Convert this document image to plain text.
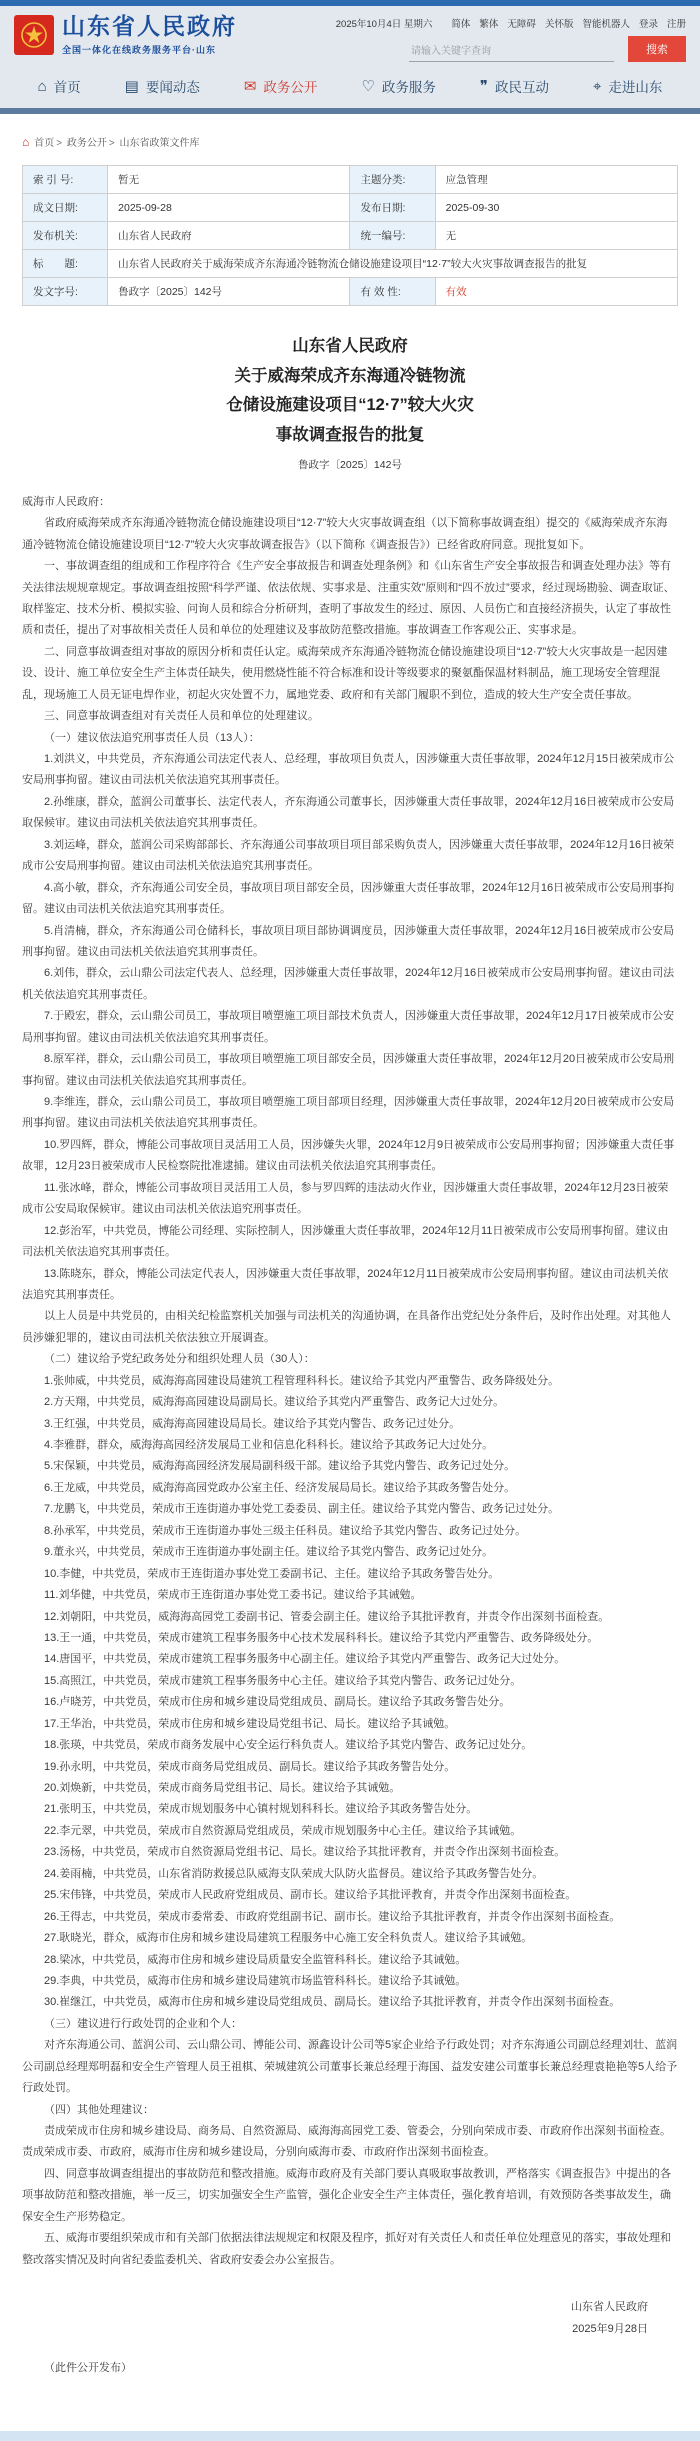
山东省人民政府
全国一体化在线政务服务平台·山东
2025年10月4日 星期六	简体 繁体 无障碍 关怀版 智能机器人 登录 注册
请输入关键字查询
搜索
⌂ 首页	▤ 要闻动态	✉ 政务公开	♡ 政务服务	❞ 政民互动	⌖ 走进山东
⌂ 首页 > 政务公开 > 山东省政策文件库
索 引 号:	暂无	主题分类:	应急管理
成文日期:	2025-09-28	发布日期:	2025-09-30
发布机关:	山东省人民政府	统一编号:	无
标　　题:	山东省人民政府关于威海荣成齐东海通冷链物流仓储设施建设项目“12·7”较大火灾事故调查报告的批复		
发文字号:	鲁政字〔2025〕142号	有 效 性:	有效
山东省人民政府
关于威海荣成齐东海通冷链物流
仓储设施建设项目“12·7”较大火灾
事故调查报告的批复
鲁政字〔2025〕142号

威海市人民政府：

省政府威海荣成齐东海通冷链物流仓储设施建设项目“12·7”较大火灾事故调查组（以下简称事故调查组）提交的《威海荣成齐东海通冷链物流仓储设施建设项目“12·7”较大火灾事故调查报告》（以下简称《调查报告》）已经省政府同意。现批复如下。

一、事故调查组的组成和工作程序符合《生产安全事故报告和调查处理条例》和《山东省生产安全事故报告和调查处理办法》等有关法律法规规章规定。事故调查组按照“科学严谨、依法依规、实事求是、注重实效”原则和“四不放过”要求，经过现场勘验、调查取证、取样鉴定、技术分析、模拟实验、问询人员和综合分析研判，查明了事故发生的经过、原因、人员伤亡和直接经济损失，认定了事故性质和责任，提出了对事故相关责任人员和单位的处理建议及事故防范整改措施。事故调查工作客观公正、实事求是。

二、同意事故调查组对事故的原因分析和责任认定。威海荣成齐东海通冷链物流仓储设施建设项目“12·7”较大火灾事故是一起因建设、设计、施工单位安全生产主体责任缺失，使用燃烧性能不符合标准和设计等级要求的聚氨酯保温材料制品，施工现场安全管理混乱，现场施工人员无证电焊作业，初起火灾处置不力，属地党委、政府和有关部门履职不到位，造成的较大生产安全责任事故。

三、同意事故调查组对有关责任人员和单位的处理建议。

（一）建议依法追究刑事责任人员（13人）：

1.刘洪义，中共党员，齐东海通公司法定代表人、总经理，事故项目负责人，因涉嫌重大责任事故罪，2024年12月15日被荣成市公安局刑事拘留。建议由司法机关依法追究其刑事责任。

2.孙维康，群众，蓝润公司董事长、法定代表人，齐东海通公司董事长，因涉嫌重大责任事故罪，2024年12月16日被荣成市公安局取保候审。建议由司法机关依法追究其刑事责任。

3.刘运峰，群众，蓝润公司采购部部长、齐东海通公司事故项目项目部采购负责人，因涉嫌重大责任事故罪，2024年12月16日被荣成市公安局刑事拘留。建议由司法机关依法追究其刑事责任。

4.高小敏，群众，齐东海通公司安全员，事故项目项目部安全员，因涉嫌重大责任事故罪，2024年12月16日被荣成市公安局刑事拘留。建议由司法机关依法追究其刑事责任。

5.肖清楠，群众，齐东海通公司仓储科长，事故项目项目部协调调度员，因涉嫌重大责任事故罪，2024年12月16日被荣成市公安局刑事拘留。建议由司法机关依法追究其刑事责任。

6.刘伟，群众，云山鼎公司法定代表人、总经理，因涉嫌重大责任事故罪，2024年12月16日被荣成市公安局刑事拘留。建议由司法机关依法追究其刑事责任。

7.于殿宏，群众，云山鼎公司员工，事故项目喷塑施工项目部技术负责人，因涉嫌重大责任事故罪，2024年12月17日被荣成市公安局刑事拘留。建议由司法机关依法追究其刑事责任。

8.原军祥，群众，云山鼎公司员工，事故项目喷塑施工项目部安全员，因涉嫌重大责任事故罪，2024年12月20日被荣成市公安局刑事拘留。建议由司法机关依法追究其刑事责任。

9.李维连，群众，云山鼎公司员工，事故项目喷塑施工项目部项目经理，因涉嫌重大责任事故罪，2024年12月20日被荣成市公安局刑事拘留。建议由司法机关依法追究其刑事责任。

10.罗四辉，群众，博能公司事故项目灵活用工人员，因涉嫌失火罪，2024年12月9日被荣成市公安局刑事拘留；因涉嫌重大责任事故罪，12月23日被荣成市人民检察院批准逮捕。建议由司法机关依法追究其刑事责任。

11.张冰峰，群众，博能公司事故项目灵活用工人员，参与罗四辉的违法动火作业，因涉嫌重大责任事故罪，2024年12月23日被荣成市公安局取保候审。建议由司法机关依法追究刑事责任。

12.彭治军，中共党员，博能公司经理、实际控制人，因涉嫌重大责任事故罪，2024年12月11日被荣成市公安局刑事拘留。建议由司法机关依法追究其刑事责任。

13.陈晓东，群众，博能公司法定代表人，因涉嫌重大责任事故罪，2024年12月11日被荣成市公安局刑事拘留。建议由司法机关依法追究其刑事责任。

以上人员是中共党员的，由相关纪检监察机关加强与司法机关的沟通协调，在具备作出党纪处分条件后，及时作出处理。对其他人员涉嫌犯罪的，建议由司法机关依法独立开展调查。

（二）建议给予党纪政务处分和组织处理人员（30人）：

1.张帅威，中共党员，威海海高园建设局建筑工程管理科科长。建议给予其党内严重警告、政务降级处分。

2.方天翔，中共党员，威海海高园建设局副局长。建议给予其党内严重警告、政务记大过处分。

3.王红强，中共党员，威海海高园建设局局长。建议给予其党内警告、政务记过处分。

4.李雅群，群众，威海海高园经济发展局工业和信息化科科长。建议给予其政务记大过处分。

5.宋保颖，中共党员，威海海高园经济发展局副科级干部。建议给予其党内警告、政务记过处分。

6.王龙威，中共党员，威海海高园党政办公室主任、经济发展局局长。建议给予其政务警告处分。

7.龙鹏飞，中共党员，荣成市王连街道办事处党工委委员、副主任。建议给予其党内警告、政务记过处分。

8.孙承军，中共党员，荣成市王连街道办事处三级主任科员。建议给予其党内警告、政务记过处分。

9.董永兴，中共党员，荣成市王连街道办事处副主任。建议给予其党内警告、政务记过处分。

10.李健，中共党员，荣成市王连街道办事处党工委副书记、主任。建议给予其政务警告处分。

11.刘华健，中共党员，荣成市王连街道办事处党工委书记。建议给予其诫勉。

12.刘朝阳，中共党员，威海海高园党工委副书记、管委会副主任。建议给予其批评教育，并责令作出深刻书面检查。

13.王一通，中共党员，荣成市建筑工程事务服务中心技术发展科科长。建议给予其党内严重警告、政务降级处分。

14.唐国平，中共党员，荣成市建筑工程事务服务中心副主任。建议给予其党内严重警告、政务记大过处分。

15.高照江，中共党员，荣成市建筑工程事务服务中心主任。建议给予其党内警告、政务记过处分。

16.卢晓芳，中共党员，荣成市住房和城乡建设局党组成员、副局长。建议给予其政务警告处分。

17.王华治，中共党员，荣成市住房和城乡建设局党组书记、局长。建议给予其诫勉。

18.张瑛，中共党员，荣成市商务发展中心安全运行科负责人。建议给予其党内警告、政务记过处分。

19.孙永明，中共党员，荣成市商务局党组成员、副局长。建议给予其政务警告处分。

20.刘焕新，中共党员，荣成市商务局党组书记、局长。建议给予其诫勉。

21.张明玉，中共党员，荣成市规划服务中心镇村规划科科长。建议给予其政务警告处分。

22.李元翠，中共党员，荣成市自然资源局党组成员，荣成市规划服务中心主任。建议给予其诫勉。

23.汤杨，中共党员，荣成市自然资源局党组书记、局长。建议给予其批评教育，并责令作出深刻书面检查。

24.姜雨楠，中共党员，山东省消防救援总队威海支队荣成大队防火监督员。建议给予其政务警告处分。

25.宋伟锋，中共党员，荣成市人民政府党组成员、副市长。建议给予其批评教育，并责令作出深刻书面检查。

26.王得志，中共党员，荣成市委常委、市政府党组副书记、副市长。建议给予其批评教育，并责令作出深刻书面检查。

27.耿晓光，群众，威海市住房和城乡建设局建筑工程服务中心施工安全科负责人。建议给予其诫勉。

28.梁冰，中共党员，威海市住房和城乡建设局质量安全监管科科长。建议给予其诫勉。

29.李典，中共党员，威海市住房和城乡建设局建筑市场监管科科长。建议给予其诫勉。

30.崔继江，中共党员，威海市住房和城乡建设局党组成员、副局长。建议给予其批评教育，并责令作出深刻书面检查。

（三）建议进行行政处罚的企业和个人：

对齐东海通公司、蓝润公司、云山鼎公司、博能公司、源鑫设计公司等5家企业给予行政处罚；对齐东海通公司副总经理刘壮、蓝润公司副总经理郑明磊和安全生产管理人员王祖棋、荣城建筑公司董事长兼总经理于海国、益发安建公司董事长兼总经理袁艳艳等5人给予行政处罚。

（四）其他处理建议：

责成荣成市住房和城乡建设局、商务局、自然资源局、威海海高园党工委、管委会，分别向荣成市委、市政府作出深刻书面检查。责成荣成市委、市政府，威海市住房和城乡建设局，分别向威海市委、市政府作出深刻书面检查。

四、同意事故调查组提出的事故防范和整改措施。威海市政府及有关部门要认真吸取事故教训，严格落实《调查报告》中提出的各项事故防范和整改措施，举一反三，切实加强安全生产监管，强化企业安全生产主体责任，强化教育培训，有效预防各类事故发生，确保安全生产形势稳定。

五、威海市要组织荣成市和有关部门依据法律法规规定和权限及程序，抓好对有关责任人和责任单位处理意见的落实，事故处理和整改落实情况及时向省纪委监委机关、省政府安委会办公室报告。

山东省人民政府

2025年9月28日

（此件公开发布）
